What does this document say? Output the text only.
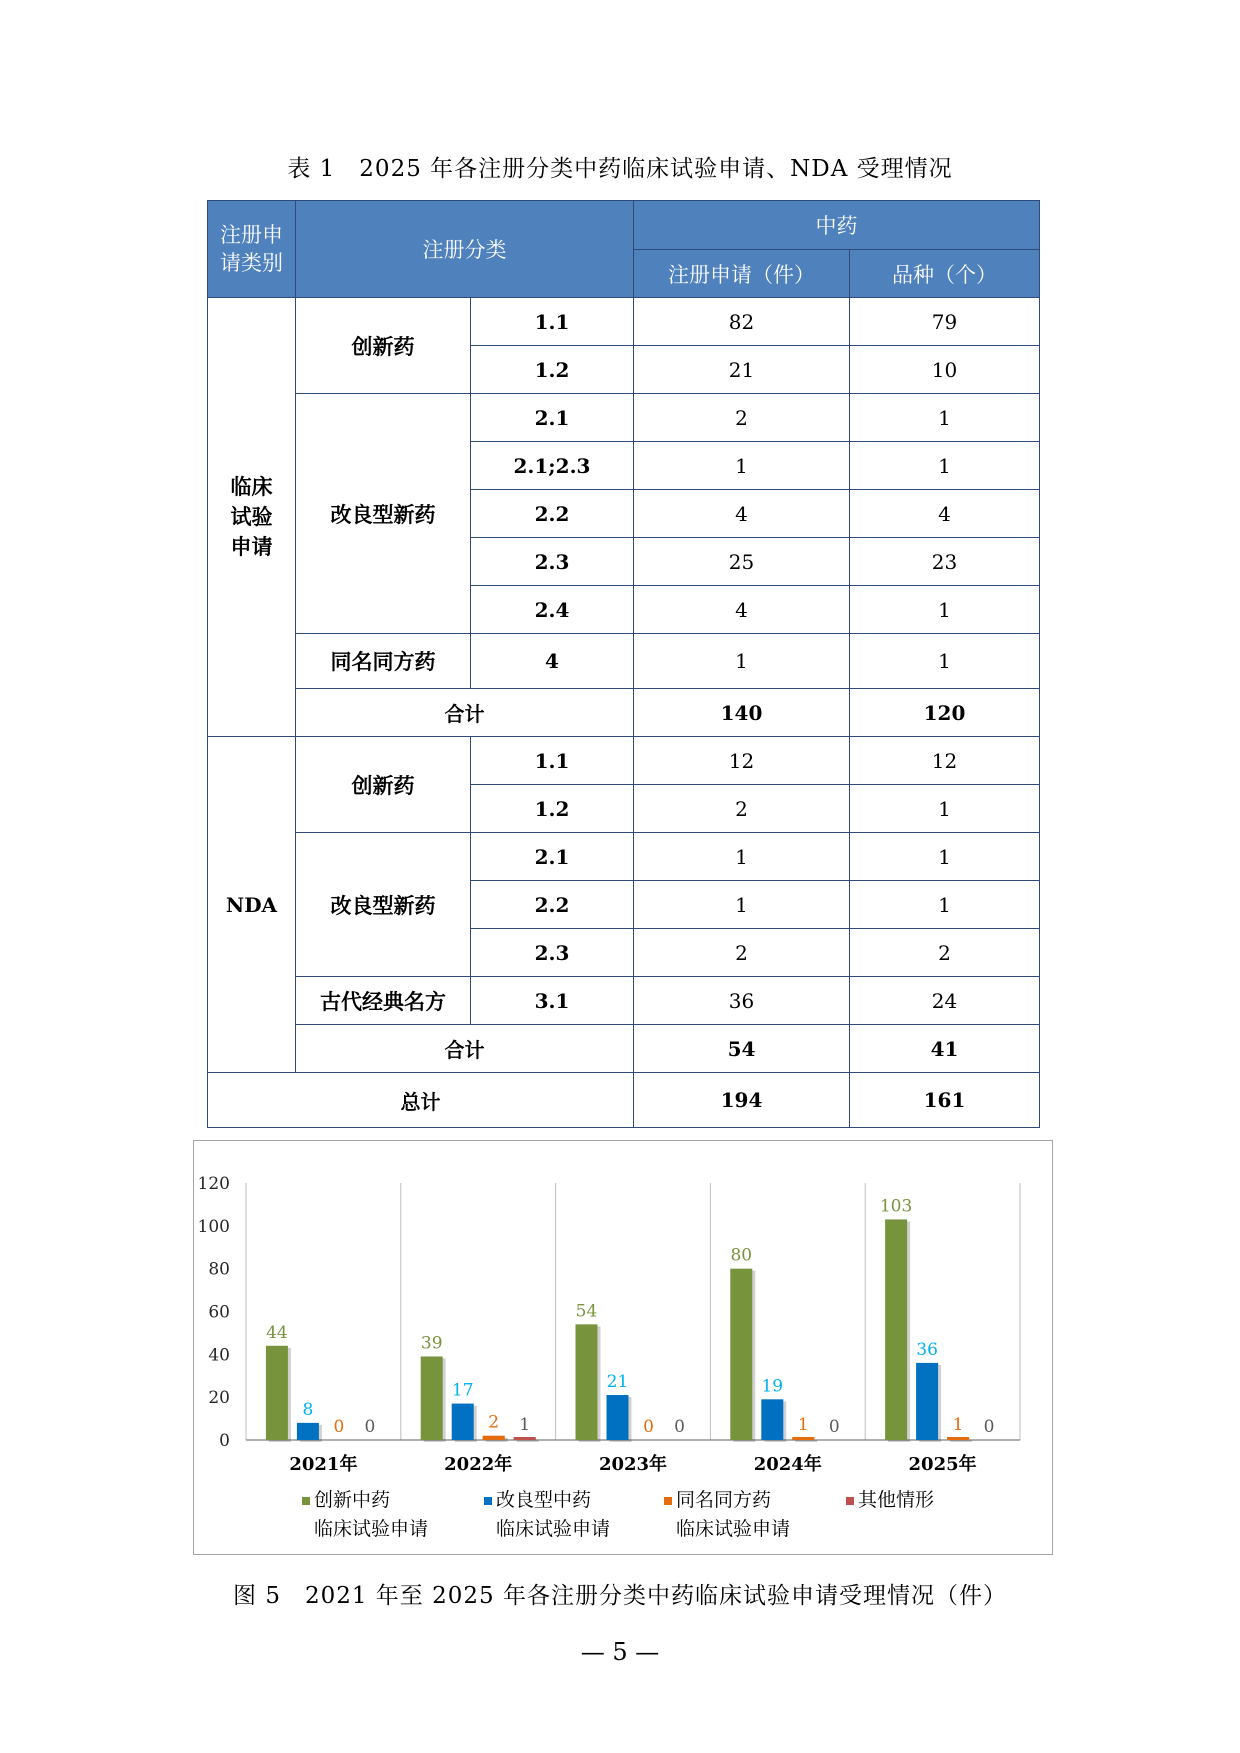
表 1　2025 年各注册分类中药临床试验申请、NDA 受理情况
注册申请类别	注册分类		中药	
			注册申请（件）	品种（个）
临床试验申请	创新药	1.1	82	79
		1.2	21	10
	改良型新药	2.1	2	1
		2.1;2.3	1	1
		2.2	4	4
		2.3	25	23
		2.4	4	1
	同名同方药	4	1	1
	合计		140	120
NDA	创新药	1.1	12	12
		1.2	2	1
	改良型新药	2.1	1	1
		2.2	1	1
		2.3	2	2
	古代经典名方	3.1	36	24
	合计		54	41
总计			194	161
0
20
40
60
80
100
120
44
8
0 0
2021年
39
17
2 1
2022年
54
21
0 0
2023年
80
19
1 0
2024年
103
36
1 0
2025年
创新中药
临床试验申请
改良型中药
临床试验申请
同名同方药
临床试验申请
其他情形
图 5　2021 年至 2025 年各注册分类中药临床试验申请受理情况（件）
— 5 —
